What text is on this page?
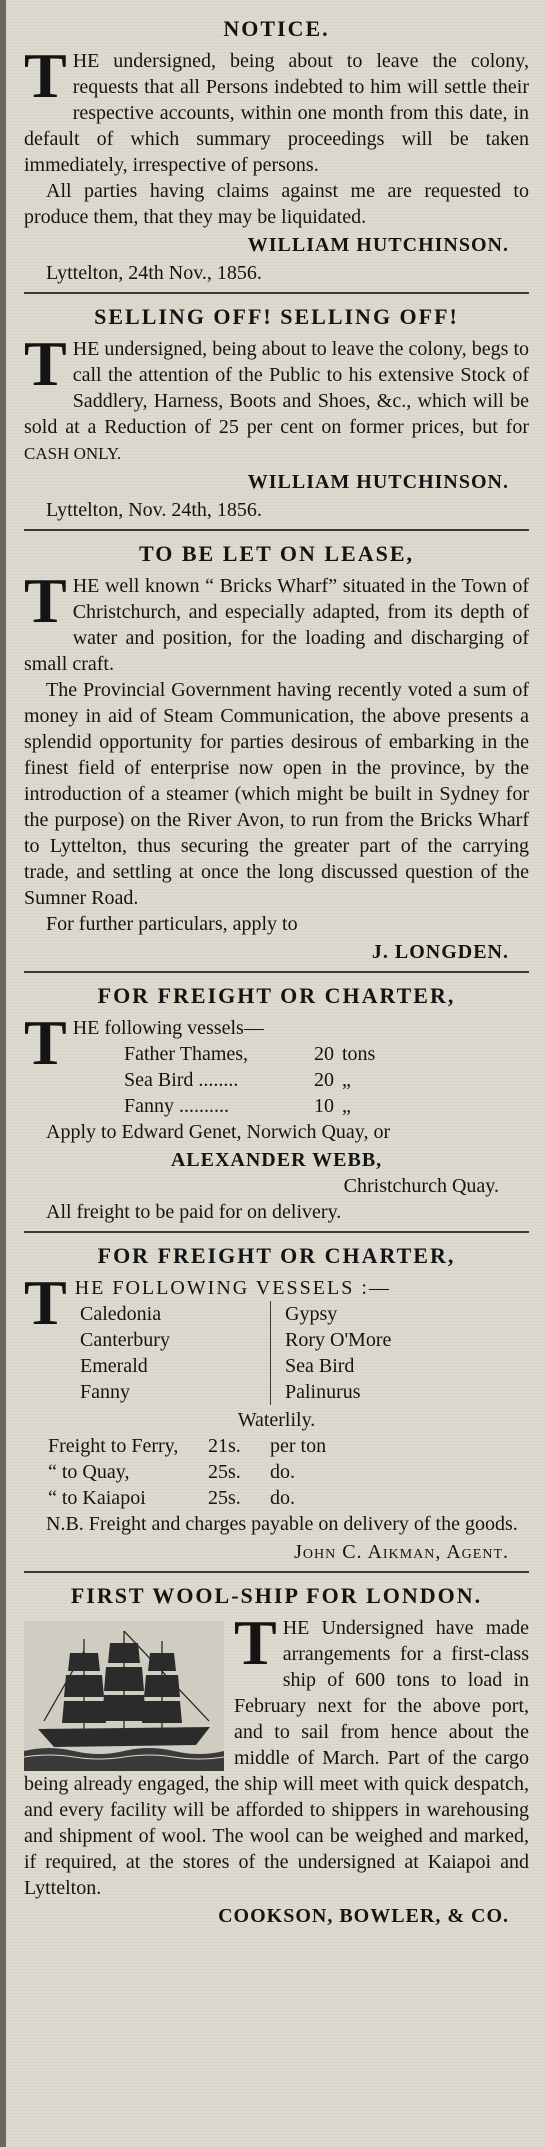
NOTICE.

THE undersigned, being about to leave the colony, requests that all Persons indebted to him will settle their respective accounts, within one month from this date, in default of which summary proceedings will be taken immediately, irrespective of persons.

All parties having claims against me are requested to produce them, that they may be liquidated.

WILLIAM HUTCHINSON.
Lyttelton, 24th Nov., 1856.
SELLING OFF! SELLING OFF!

THE undersigned, being about to leave the colony, begs to call the attention of the Public to his extensive Stock of Saddlery, Harness, Boots and Shoes, &c., which will be sold at a Reduction of 25 per cent on former prices, but for CASH ONLY.

WILLIAM HUTCHINSON.
Lyttelton, Nov. 24th, 1856.
TO BE LET ON LEASE,

THE well known “ Bricks Wharf” situated in the Town of Christchurch, and especially adapted, from its depth of water and position, for the loading and discharging of small craft.

The Provincial Government having recently voted a sum of money in aid of Steam Communication, the above presents a splendid opportunity for parties desirous of embarking in the finest field of enterprise now open in the province, by the introduction of a steamer (which might be built in Sydney for the purpose) on the River Avon, to run from the Bricks Wharf to Lyttelton, thus securing the greater part of the carrying trade, and settling at once the long discussed question of the Sumner Road.

For further particulars, apply to

J. LONGDEN.
FOR FREIGHT OR CHARTER,

THE following vessels—

Father Thames,	20 tons
Sea Bird ........	20 „
Fanny ..........	10 „

Apply to Edward Genet, Norwich Quay, or

ALEXANDER WEBB,
Christchurch Quay.

All freight to be paid for on delivery.

FOR FREIGHT OR CHARTER,

THE FOLLOWING VESSELS :—

Caledonia
Canterbury
Emerald
Fanny
Gypsy
Rory O'More
Sea Bird
Palinurus
Waterlily.
Freight to Ferry,	21s.	per ton
“ to Quay,	25s.	do.
“ to Kaiapoi	25s.	do.

N.B. Freight and charges payable on delivery of the goods.

John C. Aikman, Agent.
FIRST WOOL-SHIP FOR LONDON.

THE Undersigned have made arrangements for a first-class ship of 600 tons to load in February next for the above port, and to sail from hence about the middle of March. Part of the cargo being already engaged, the ship will meet with quick despatch, and every facility will be afforded to shippers in warehousing and shipment of wool. The wool can be weighed and marked, if required, at the stores of the undersigned at Kaiapoi and Lyttelton.

COOKSON, BOWLER, & CO.
